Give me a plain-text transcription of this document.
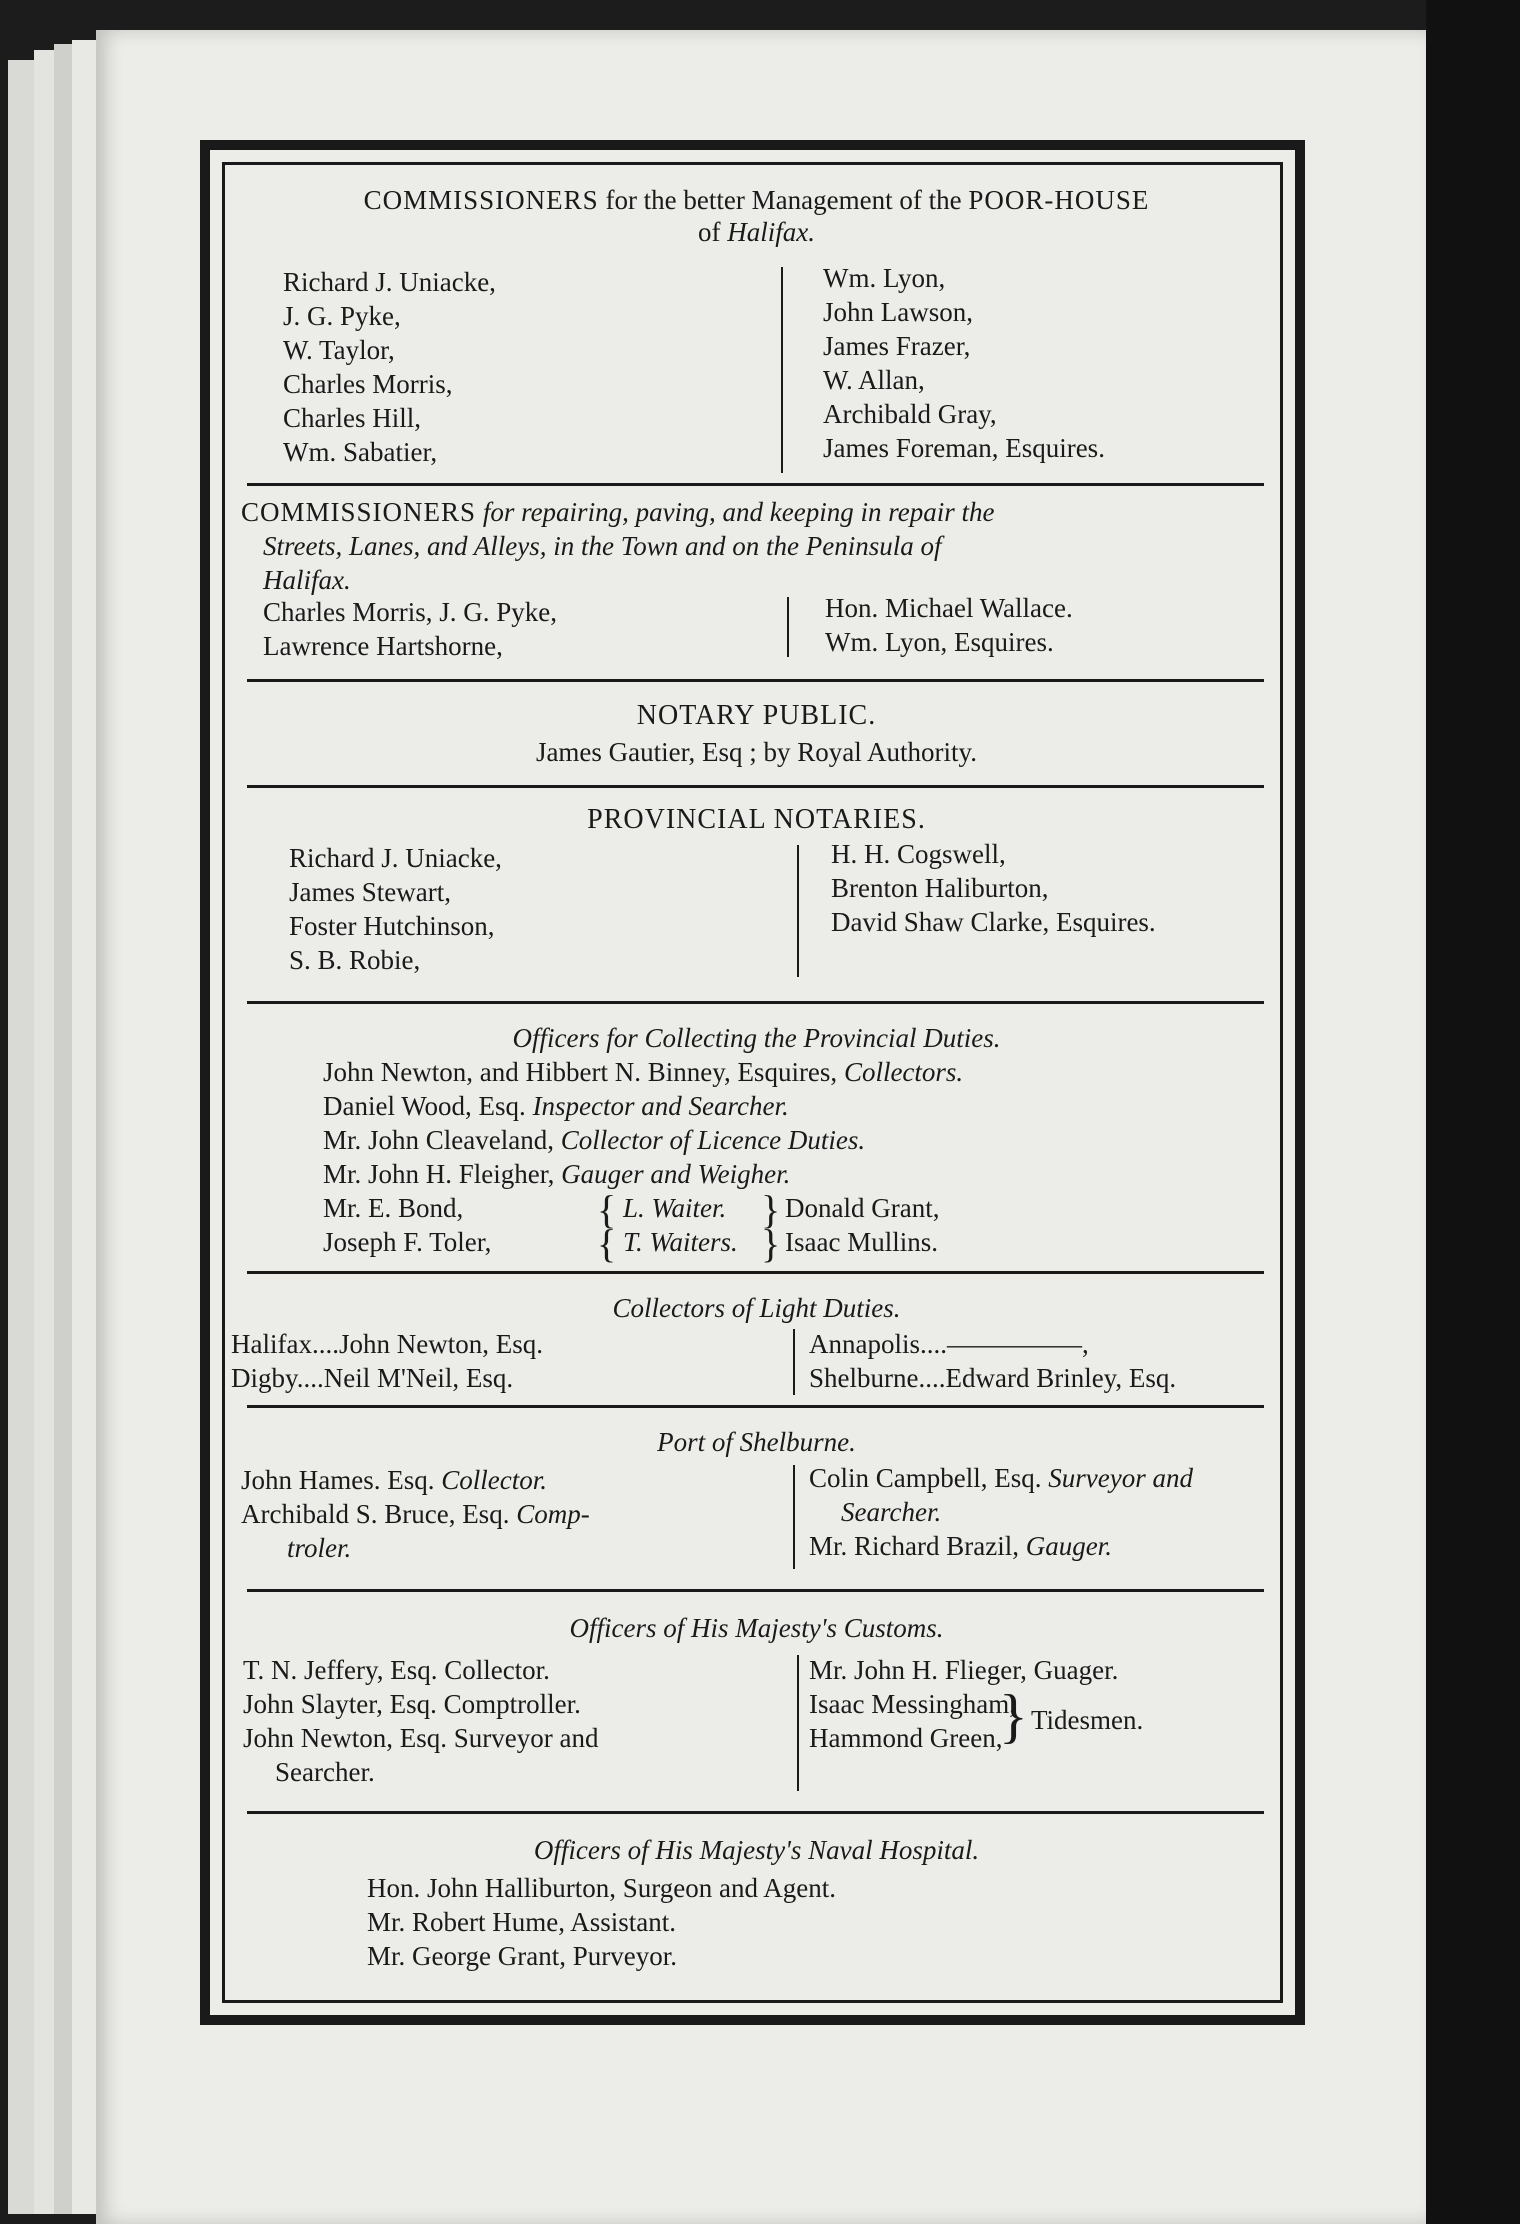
COMMISSIONERS for the better Management of the POOR-HOUSE
of Halifax.
Richard J. Uniacke,
J. G. Pyke,
W. Taylor,
Charles Morris,
Charles Hill,
Wm. Sabatier,
Wm. Lyon,
John Lawson,
James Frazer,
W. Allan,
Archibald Gray,
James Foreman, Esquires.
COMMISSIONERS for repairing, paving, and keeping in repair the
Streets, Lanes, and Alleys, in the Town and on the Peninsula of
Halifax.
Charles Morris, J. G. Pyke,
Lawrence Hartshorne,
Hon. Michael Wallace.
Wm. Lyon, Esquires.
NOTARY PUBLIC.
James Gautier, Esq ; by Royal Authority.
PROVINCIAL NOTARIES.
Richard J. Uniacke,
James Stewart,
Foster Hutchinson,
S. B. Robie,
H. H. Cogswell,
Brenton Haliburton,
David Shaw Clarke, Esquires.
Officers for Collecting the Provincial Duties.
John Newton, and Hibbert N. Binney, Esquires, Collectors.
Daniel Wood, Esq. Inspector and Searcher.
Mr. John Cleaveland, Collector of Licence Duties.
Mr. John H. Fleigher, Gauger and Weigher.
Mr. E. Bond,
Joseph F. Toler,
{
{
L. Waiter.
T. Waiters.
}
}
Donald Grant,
Isaac Mullins.
Collectors of Light Duties.
Halifax....John Newton, Esq.
Digby....Neil M'Neil, Esq.
Annapolis....—————,
Shelburne....Edward Brinley, Esq.
Port of Shelburne.
John Hames. Esq. Collector.
Archibald S. Bruce, Esq. Comp-
troler.
Colin Campbell, Esq. Surveyor and
Searcher.
Mr. Richard Brazil, Gauger.
Officers of His Majesty's Customs.
T. N. Jeffery, Esq. Collector.
John Slayter, Esq. Comptroller.
John Newton, Esq. Surveyor and
Searcher.
Mr. John H. Flieger, Guager.
Isaac Messingham,
Hammond Green,
} Tidesmen.
Officers of His Majesty's Naval Hospital.
Hon. John Halliburton, Surgeon and Agent.
Mr. Robert Hume, Assistant.
Mr. George Grant, Purveyor.
